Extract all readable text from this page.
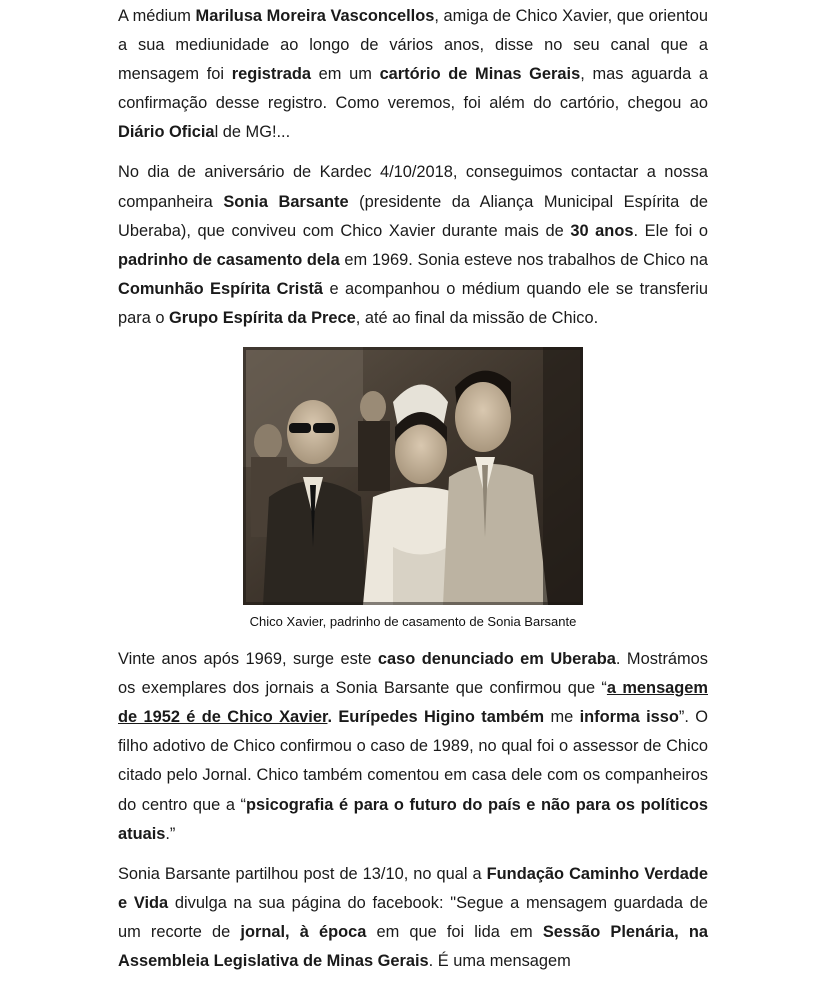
A médium Marilusa Moreira Vasconcellos, amiga de Chico Xavier, que orientou a sua mediunidade ao longo de vários anos, disse no seu canal que a mensagem foi registrada em um cartório de Minas Gerais, mas aguarda a confirmação desse registro. Como veremos, foi além do cartório, chegou ao Diário Oficial de MG!...

No dia de aniversário de Kardec 4/10/2018, conseguimos contactar a nossa companheira Sonia Barsante (presidente da Aliança Municipal Espírita de Uberaba), que conviveu com Chico Xavier durante mais de 30 anos. Ele foi o padrinho de casamento dela em 1969. Sonia esteve nos trabalhos de Chico na Comunhão Espírita Cristã e acompanhou o médium quando ele se transferiu para o Grupo Espírita da Prece, até ao final da missão de Chico.

Chico Xavier, padrinho de casamento de Sonia Barsante

Vinte anos após 1969, surge este caso denunciado em Uberaba. Mostrámos os exemplares dos jornais a Sonia Barsante que confirmou que “a mensagem de 1952 é de Chico Xavier. Eurípedes Higino também me informa isso”. O filho adotivo de Chico confirmou o caso de 1989, no qual foi o assessor de Chico citado pelo Jornal. Chico também comentou em casa dele com os companheiros do centro que a “psicografia é para o futuro do país e não para os políticos atuais.”

Sonia Barsante partilhou post de 13/10, no qual a Fundação Caminho Verdade e Vida divulga na sua página do facebook: "Segue a mensagem guardada de um recorte de jornal, à época em que foi lida em Sessão Plenária, na Assembleia Legislativa de Minas Gerais. É uma mensagem
